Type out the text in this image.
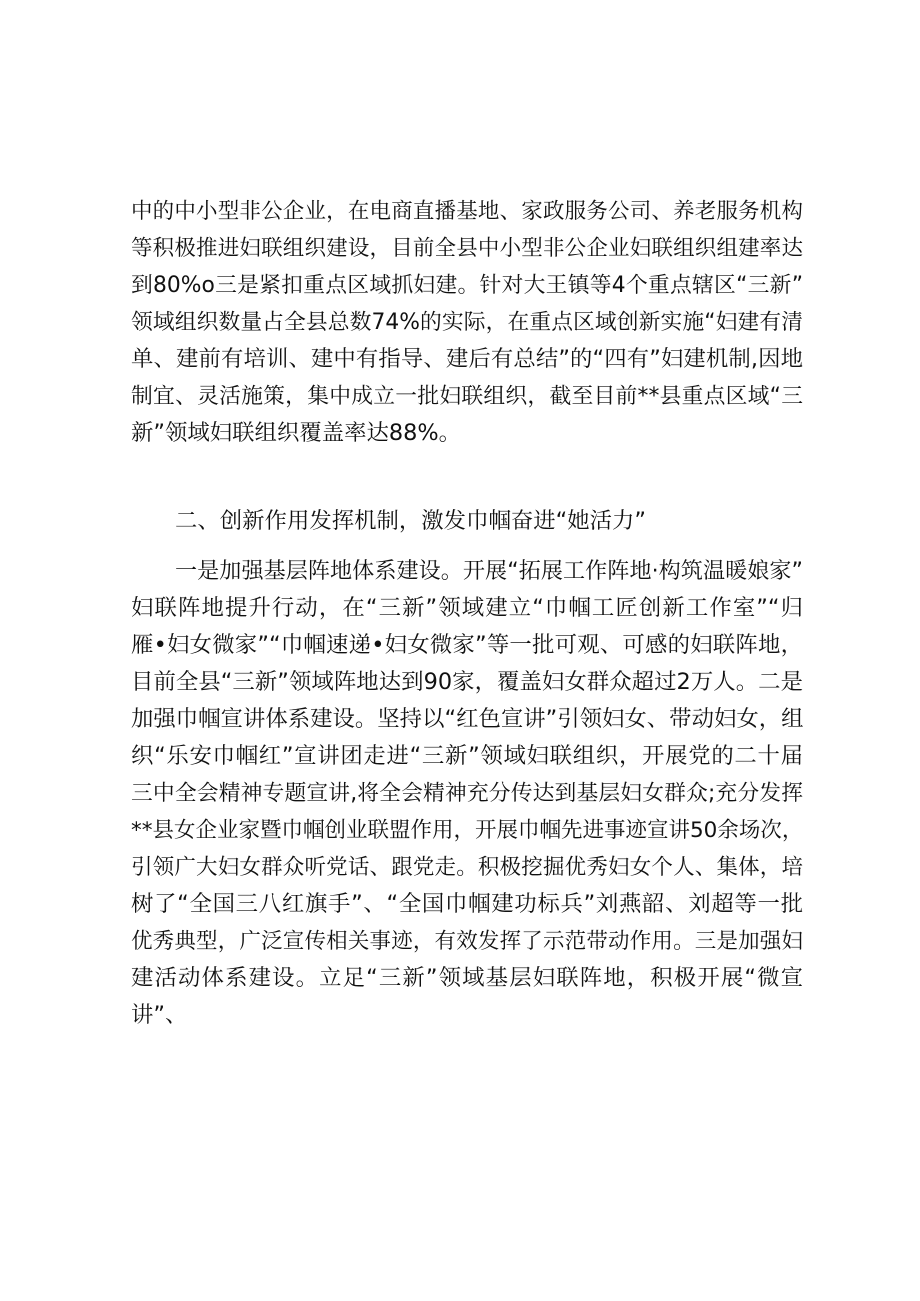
中的中小型非公企业，在电商直播基地、家政服务公司、养老服务机构
等积极推进妇联组织建设，目前全县中小型非公企业妇联组织组建率达
到80%o三是紧扣重点区域抓妇建。针对大王镇等4个重点辖区“三新”
领域组织数量占全县总数74%的实际，在重点区域创新实施“妇建有清
单、建前有培训、建中有指导、建后有总结”的“四有”妇建机制,因地
制宜、灵活施策，集中成立一批妇联组织，截至目前**县重点区域“三
新”领域妇联组织覆盖率达88%。
二、创新作用发挥机制，激发巾帼奋进“她活力”
一是加强基层阵地体系建设。开展“拓展工作阵地·构筑温暖娘家”
妇联阵地提升行动，在“三新”领域建立“巾帼工匠创新工作室”“归
雁•妇女微家”“巾帼速递•妇女微家”等一批可观、可感的妇联阵地，
目前全县“三新”领域阵地达到90家，覆盖妇女群众超过2万人。二是
加强巾帼宣讲体系建设。坚持以“红色宣讲”引领妇女、带动妇女，组
织“乐安巾帼红”宣讲团走进“三新”领域妇联组织，开展党的二十届
三中全会精神专题宣讲,将全会精神充分传达到基层妇女群众;充分发挥
**县女企业家暨巾帼创业联盟作用，开展巾帼先进事迹宣讲50余场次，
引领广大妇女群众听党话、跟党走。积极挖掘优秀妇女个人、集体，培
树了“全国三八红旗手”、“全国巾帼建功标兵”刘燕韶、刘超等一批
优秀典型，广泛宣传相关事迹，有效发挥了示范带动作用。三是加强妇
建活动体系建设。立足“三新”领域基层妇联阵地，积极开展“微宣
讲”、
